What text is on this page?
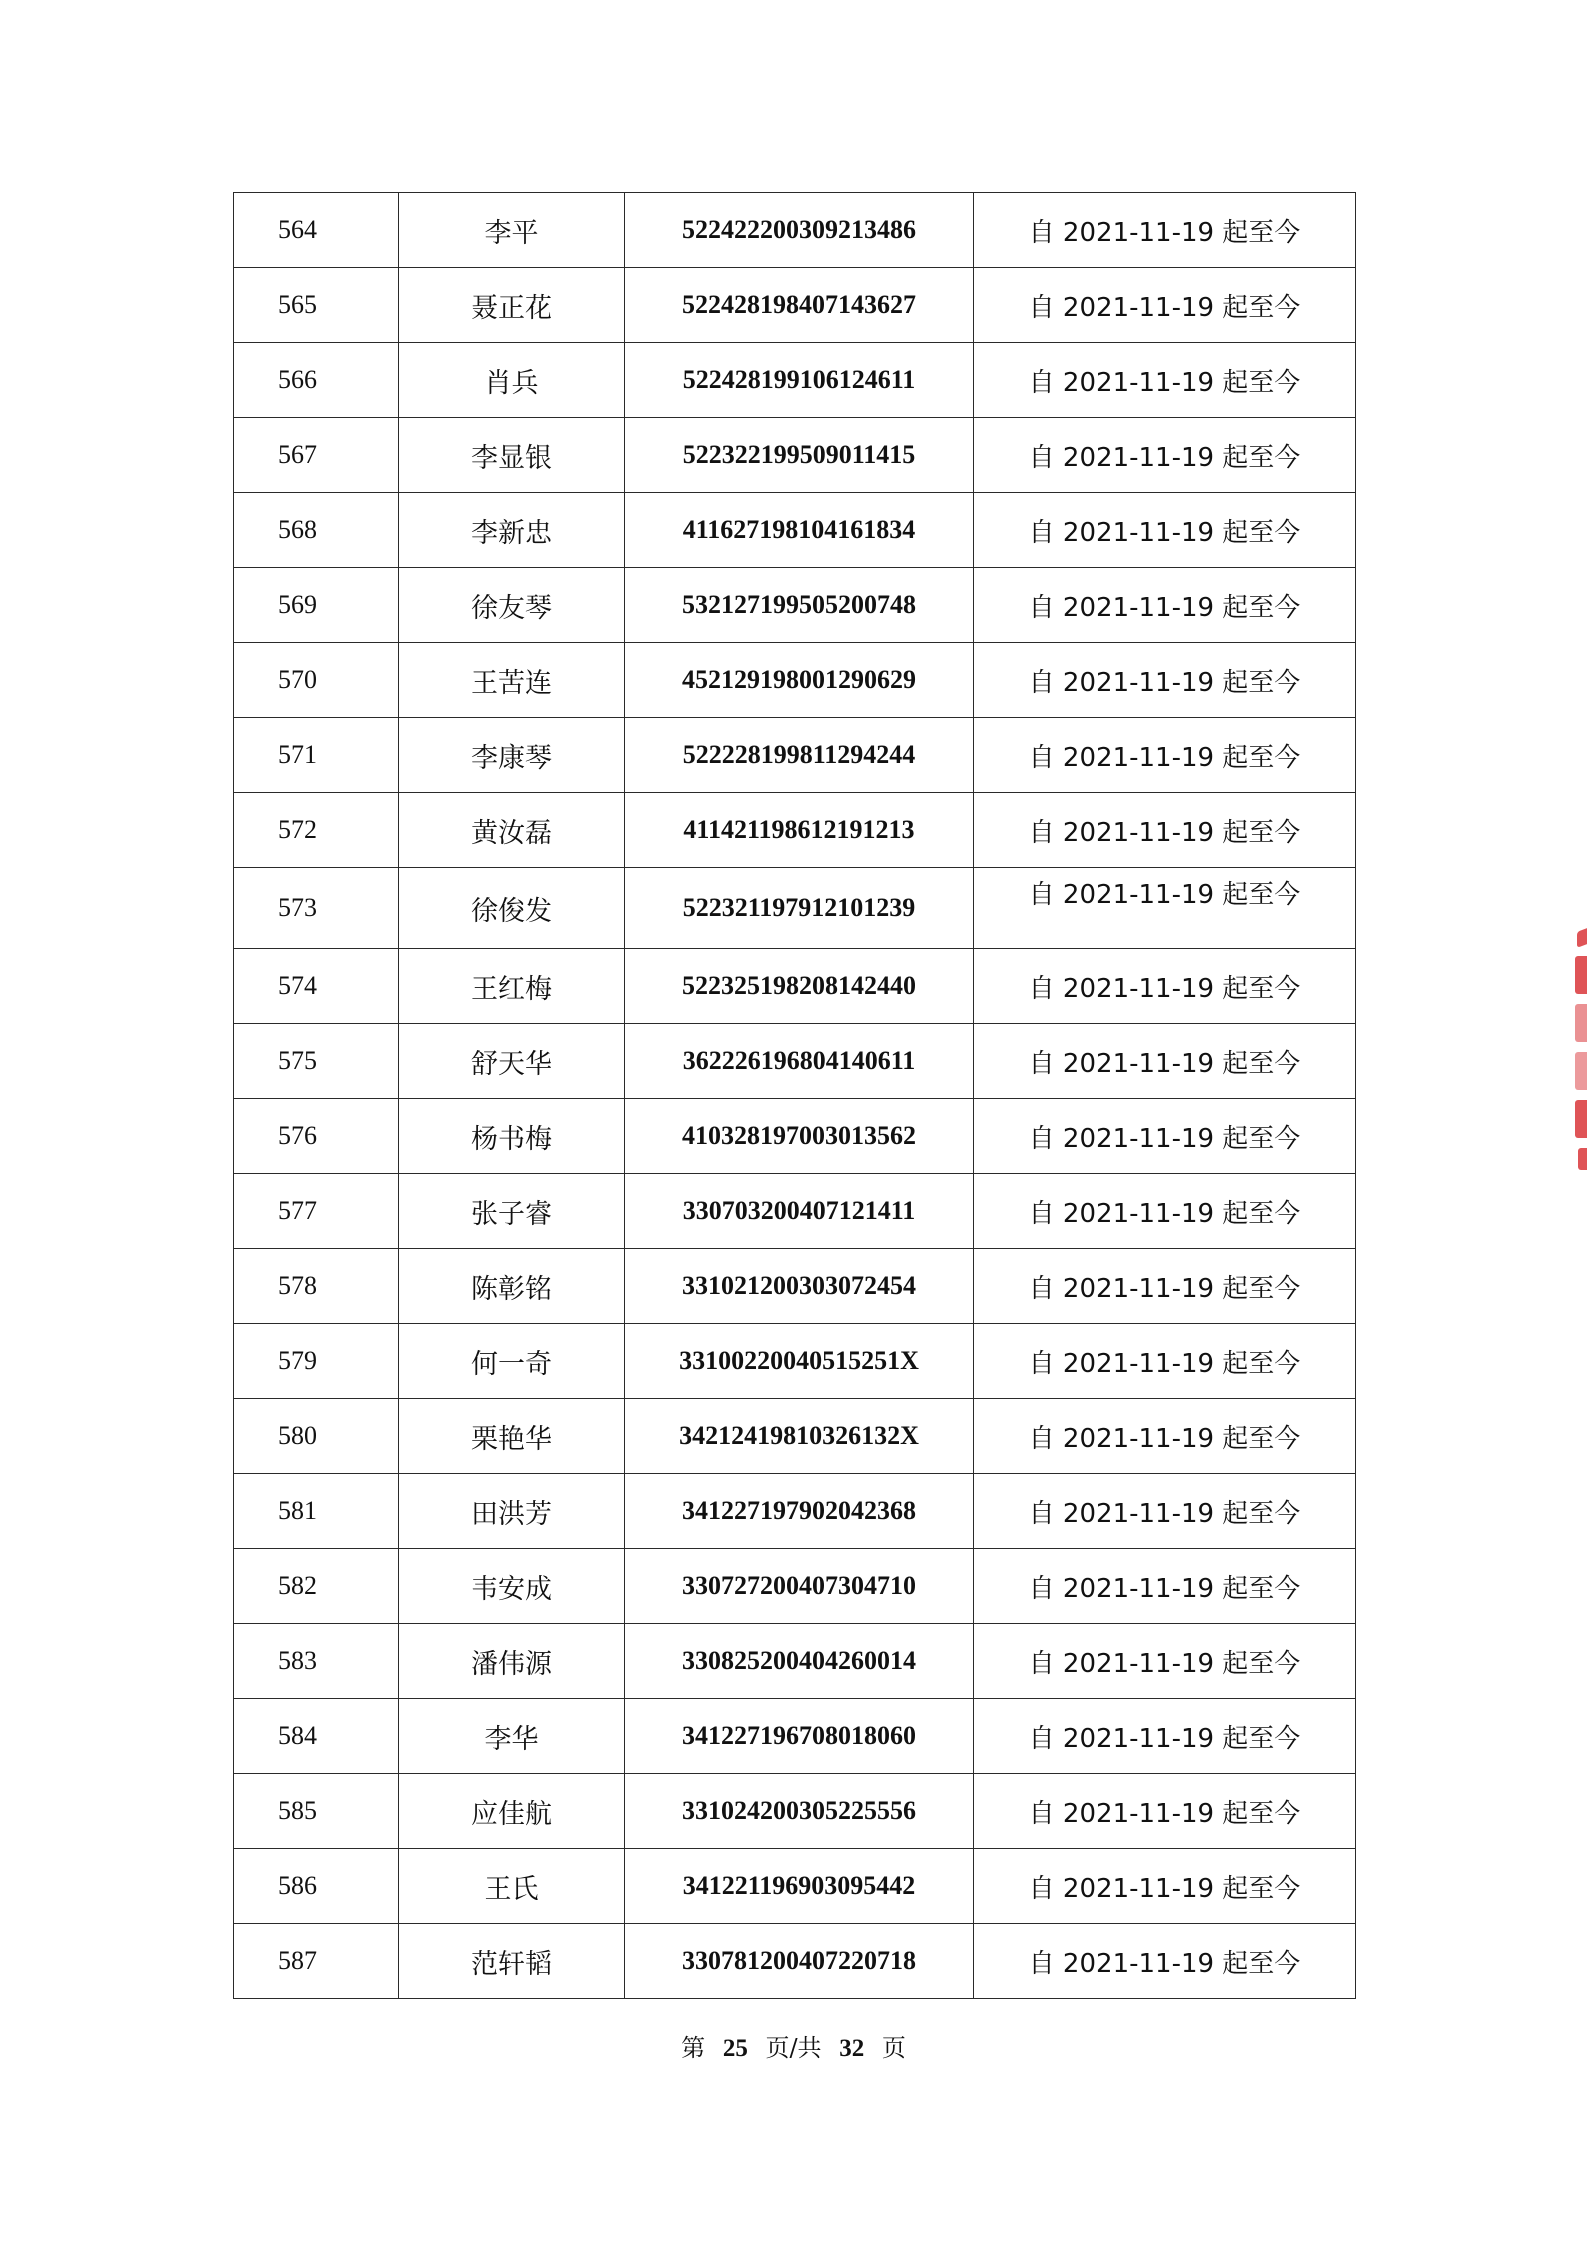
564	李平	522422200309213486	自 2021-11-19 起至今
565	聂正花	522428198407143627	自 2021-11-19 起至今
566	肖兵	522428199106124611	自 2021-11-19 起至今
567	李显银	522322199509011415	自 2021-11-19 起至今
568	李新忠	411627198104161834	自 2021-11-19 起至今
569	徐友琴	532127199505200748	自 2021-11-19 起至今
570	王苦连	452129198001290629	自 2021-11-19 起至今
571	李康琴	522228199811294244	自 2021-11-19 起至今
572	黄汝磊	411421198612191213	自 2021-11-19 起至今
573	徐俊发	522321197912101239	自 2021-11-19 起至今
574	王红梅	522325198208142440	自 2021-11-19 起至今
575	舒天华	362226196804140611	自 2021-11-19 起至今
576	杨书梅	410328197003013562	自 2021-11-19 起至今
577	张子睿	330703200407121411	自 2021-11-19 起至今
578	陈彰铭	331021200303072454	自 2021-11-19 起至今
579	何一奇	33100220040515251X	自 2021-11-19 起至今
580	栗艳华	34212419810326132X	自 2021-11-19 起至今
581	田洪芳	341227197902042368	自 2021-11-19 起至今
582	韦安成	330727200407304710	自 2021-11-19 起至今
583	潘伟源	330825200404260014	自 2021-11-19 起至今
584	李华	341227196708018060	自 2021-11-19 起至今
585	应佳航	331024200305225556	自 2021-11-19 起至今
586	王氏	341221196903095442	自 2021-11-19 起至今
587	范轩韬	330781200407220718	自 2021-11-19 起至今
第 25 页/共 32 页
